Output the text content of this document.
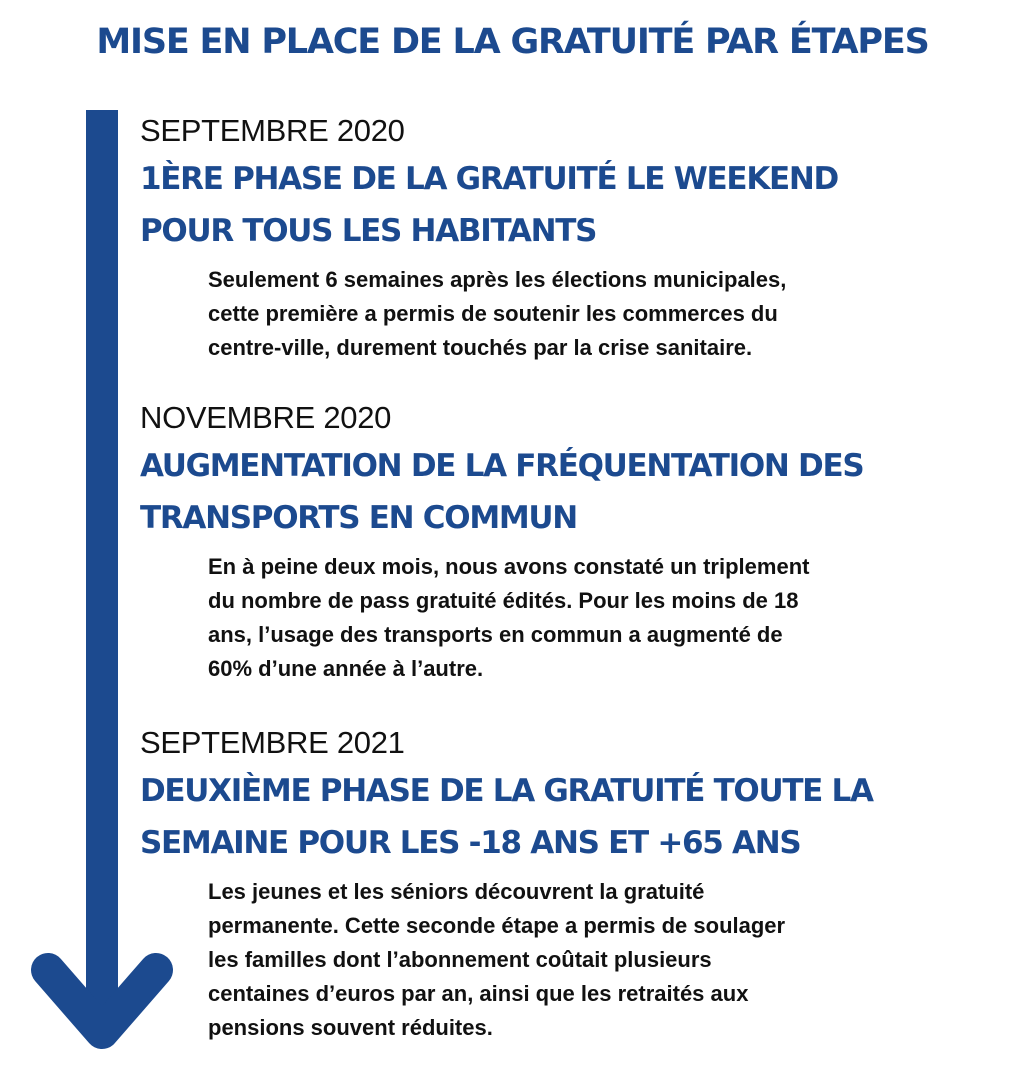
MISE EN PLACE DE LA GRATUITÉ PAR ÉTAPES
SEPTEMBRE 2020
1ÈRE PHASE DE LA GRATUITÉ LE WEEKEND
POUR TOUS LES HABITANTS
Seulement 6 semaines après les élections municipales,
cette première a permis de soutenir les commerces du
centre-ville, durement touchés par la crise sanitaire.
NOVEMBRE 2020
AUGMENTATION DE LA FRÉQUENTATION DES
TRANSPORTS EN COMMUN
En à peine deux mois, nous avons constaté un triplement
du nombre de pass gratuité édités. Pour les moins de 18
ans, l’usage des transports en commun a augmenté de
60% d’une année à l’autre.
SEPTEMBRE 2021
DEUXIÈME PHASE DE LA GRATUITÉ TOUTE LA
SEMAINE POUR LES -18 ANS ET +65 ANS
Les jeunes et les séniors découvrent la gratuité
permanente. Cette seconde étape a permis de soulager
les familles dont l’abonnement coûtait plusieurs
centaines d’euros par an, ainsi que les retraités aux
pensions souvent réduites.
